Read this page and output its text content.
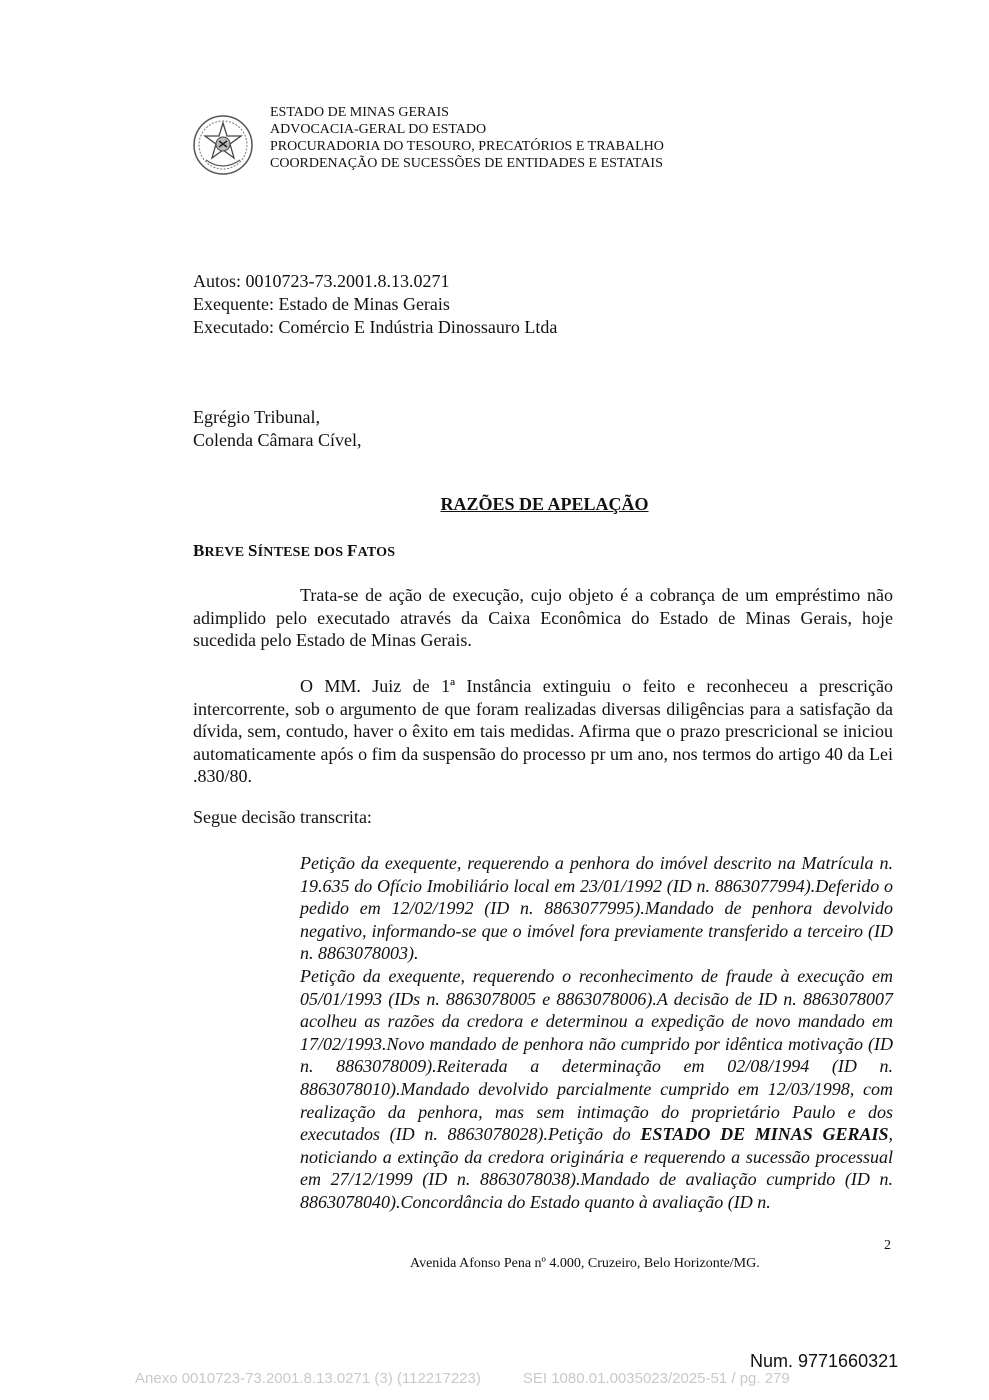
ESTADO DE MINAS GERAIS
ADVOCACIA-GERAL DO ESTADO
PROCURADORIA DO TESOURO, PRECATÓRIOS E TRABALHO
COORDENAÇÃO DE SUCESSÕES DE ENTIDADES E ESTATAIS
Autos: 0010723-73.2001.8.13.0271
Exequente: Estado de Minas Gerais
Executado: Comércio E Indústria Dinossauro Ltda
Egrégio Tribunal,
Colenda Câmara Cível,
RAZÕES DE APELAÇÃO
BREVE SÍNTESE DOS FATOS
Trata-se de ação de execução, cujo objeto é a cobrança de um empréstimo não adimplido pelo executado através da Caixa Econômica do Estado de Minas Gerais, hoje sucedida pelo Estado de Minas Gerais.
O MM. Juiz de 1ª Instância extinguiu o feito e reconheceu a prescrição intercorrente, sob o argumento de que foram realizadas diversas diligências para a satisfação da dívida, sem, contudo, haver o êxito em tais medidas. Afirma que o prazo prescricional se iniciou automaticamente após o fim da suspensão do processo pr um ano, nos termos do artigo 40 da Lei .830/80.
Segue decisão transcrita:

Petição da exequente, requerendo a penhora do imóvel descrito na Matrícula n. 19.635 do Ofício Imobiliário local em 23/01/1992 (ID n. 8863077994).Deferido o pedido em 12/02/1992 (ID n. 8863077995).Mandado de penhora devolvido negativo, informando-se que o imóvel fora previamente transferido a terceiro (ID n. 8863078003).

Petição da exequente, requerendo o reconhecimento de fraude à execução em 05/01/1993 (IDs n. 8863078005 e 8863078006).A decisão de ID n. 8863078007 acolheu as razões da credora e determinou a expedição de novo mandado em 17/02/1993.Novo mandado de penhora não cumprido por idêntica motivação (ID n. 8863078009).Reiterada a determinação em 02/08/1994 (ID n. 8863078010).Mandado devolvido parcialmente cumprido em 12/03/1998, com realização da penhora, mas sem intimação do proprietário Paulo e dos executados (ID n. 8863078028).Petição do ESTADO DE MINAS GERAIS, noticiando a extinção da credora originária e requerendo a sucessão processual em 27/12/1999 (ID n. 8863078038).Mandado de avaliação cumprido (ID n. 8863078040).Concordância do Estado quanto à avaliação (ID n.

2
Avenida Afonso Pena nº 4.000, Cruzeiro, Belo Horizonte/MG.
Num. 9771660321
Anexo 0010723-73.2001.8.13.0271 (3) (112217223)	SEI 1080.01.0035023/2025-51 / pg. 279
